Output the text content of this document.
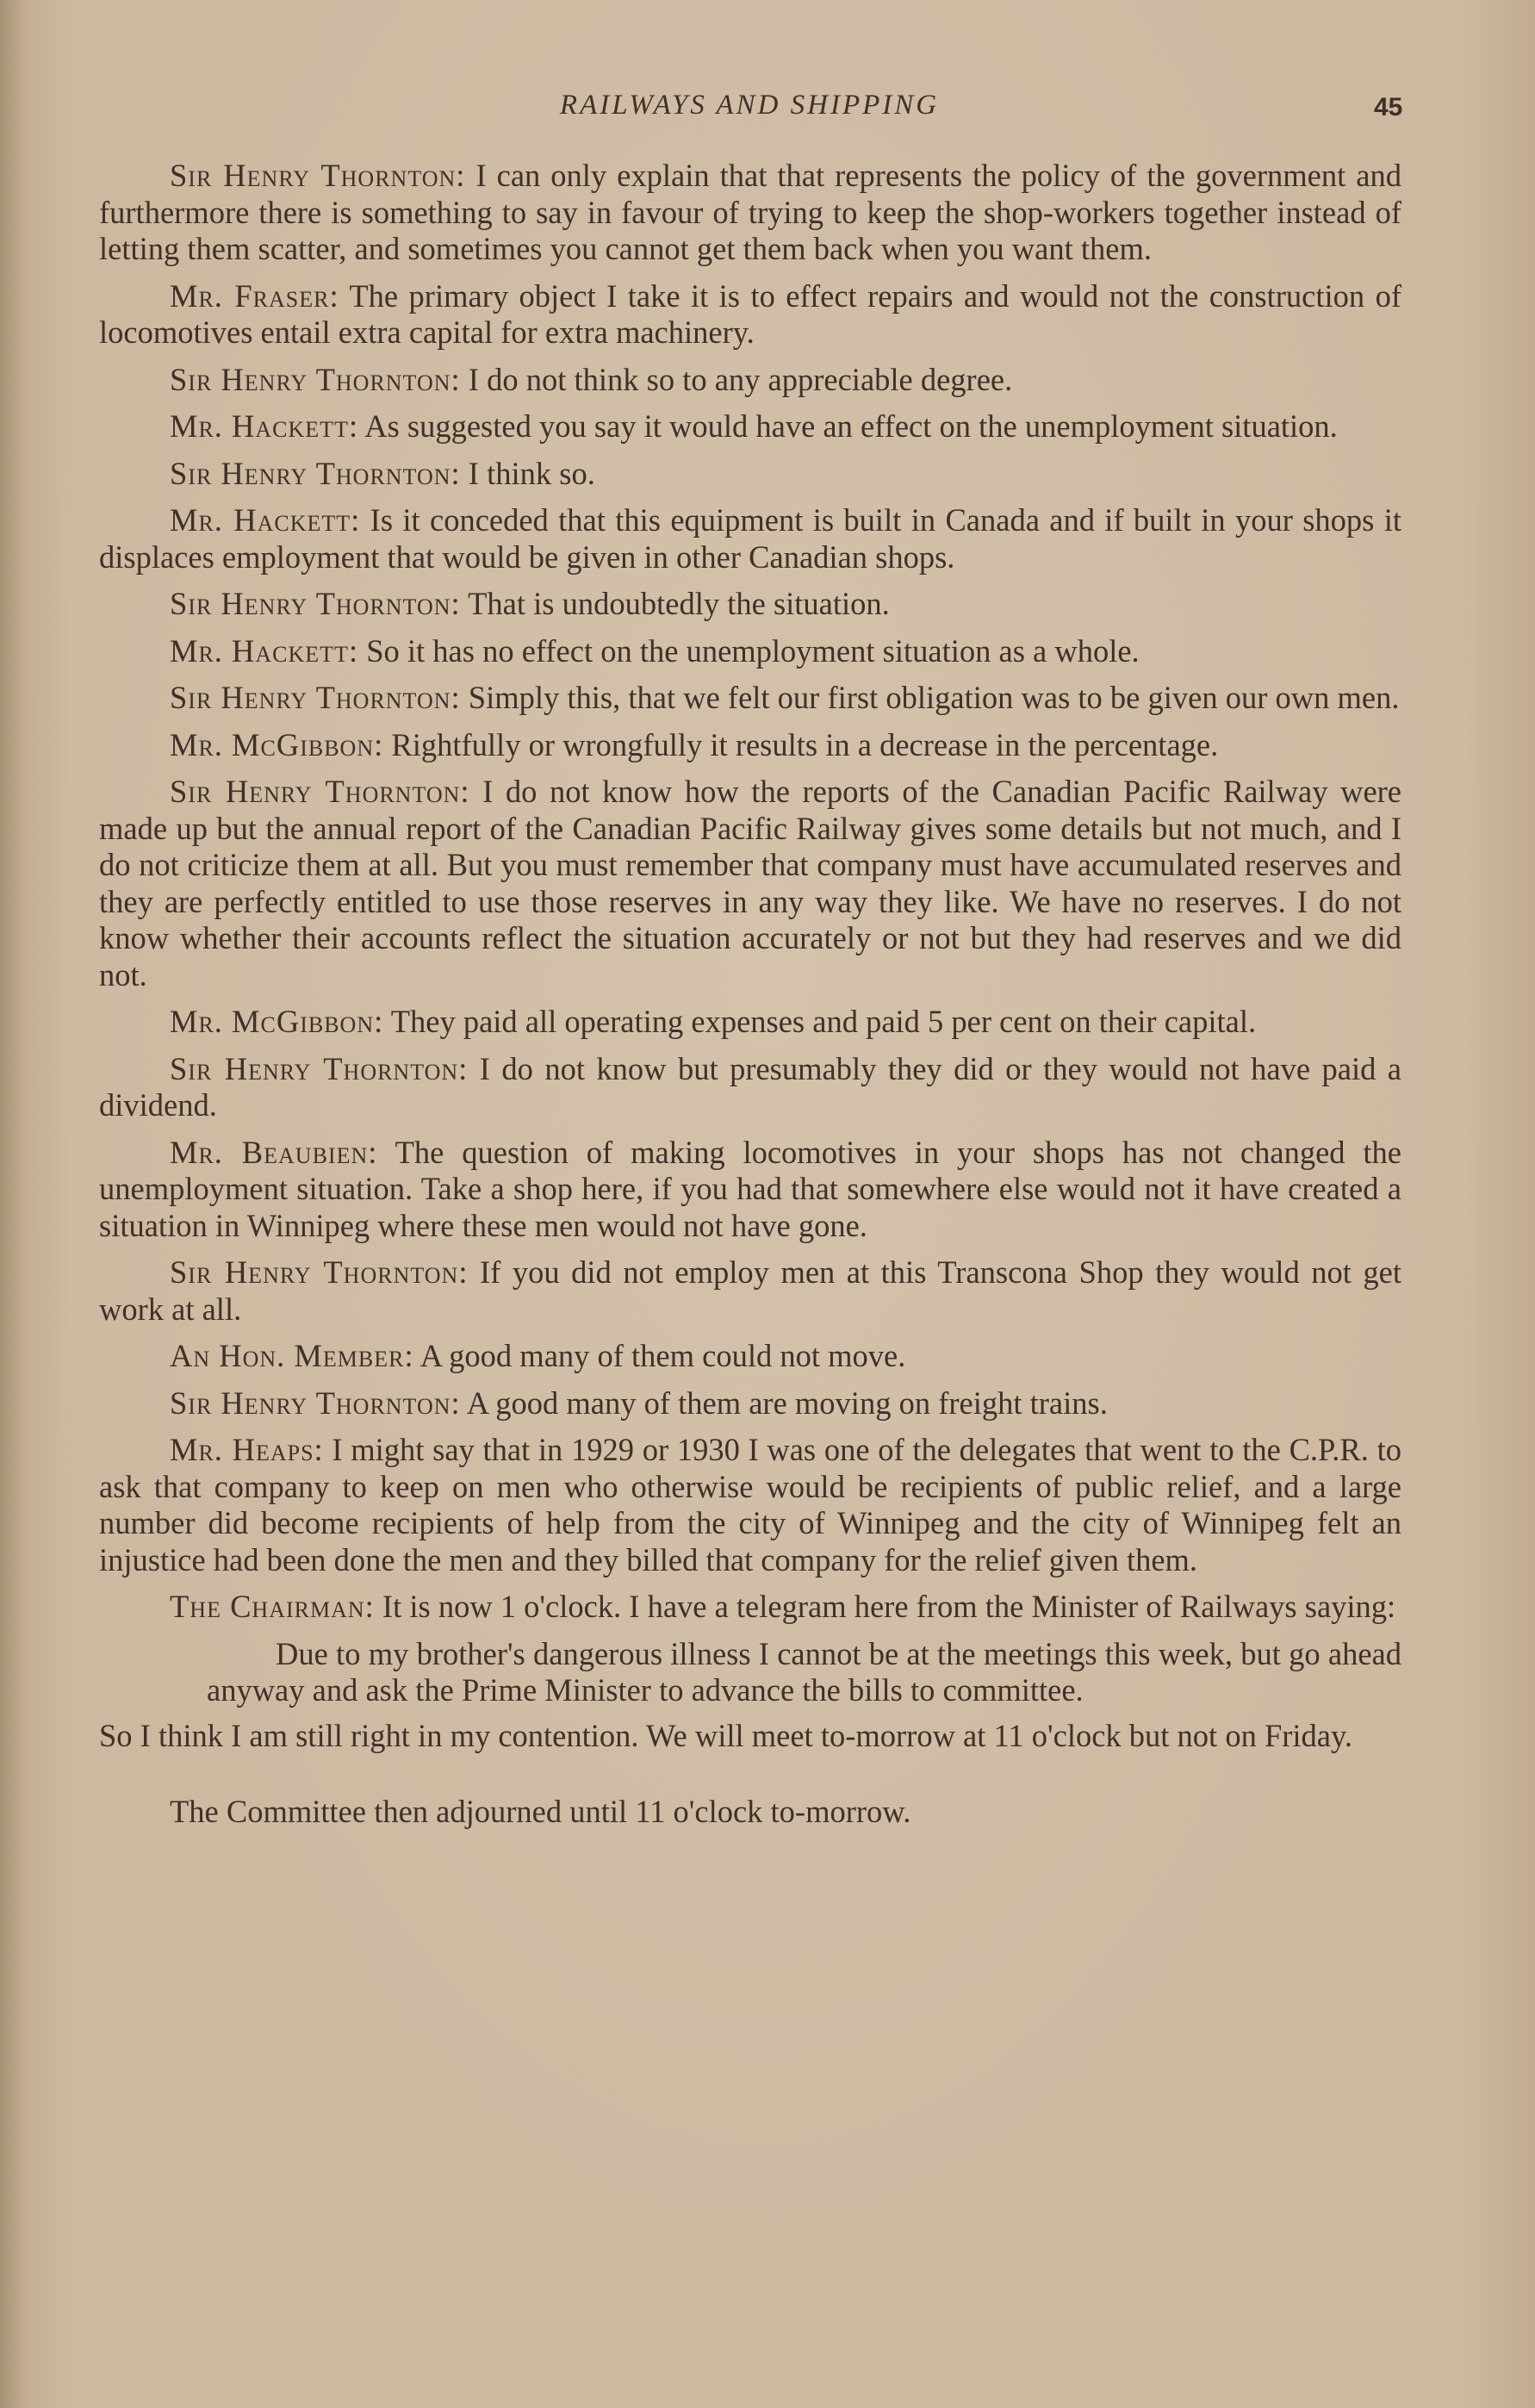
RAILWAYS AND SHIPPING	45

Sir Henry Thornton: I can only explain that that represents the policy of the government and furthermore there is something to say in favour of trying to keep the shop-workers together instead of letting them scatter, and sometimes you cannot get them back when you want them.

Mr. Fraser: The primary object I take it is to effect repairs and would not the construction of locomotives entail extra capital for extra machinery.

Sir Henry Thornton: I do not think so to any appreciable degree.

Mr. Hackett: As suggested you say it would have an effect on the unemployment situation.

Sir Henry Thornton: I think so.

Mr. Hackett: Is it conceded that this equipment is built in Canada and if built in your shops it displaces employment that would be given in other Canadian shops.

Sir Henry Thornton: That is undoubtedly the situation.

Mr. Hackett: So it has no effect on the unemployment situation as a whole.

Sir Henry Thornton: Simply this, that we felt our first obligation was to be given our own men.

Mr. McGibbon: Rightfully or wrongfully it results in a decrease in the percentage.

Sir Henry Thornton: I do not know how the reports of the Canadian Pacific Railway were made up but the annual report of the Canadian Pacific Railway gives some details but not much, and I do not criticize them at all. But you must remember that company must have accumulated reserves and they are perfectly entitled to use those reserves in any way they like. We have no reserves. I do not know whether their accounts reflect the situation accurately or not but they had reserves and we did not.

Mr. McGibbon: They paid all operating expenses and paid 5 per cent on their capital.

Sir Henry Thornton: I do not know but presumably they did or they would not have paid a dividend.

Mr. Beaubien: The question of making locomotives in your shops has not changed the unemployment situation. Take a shop here, if you had that somewhere else would not it have created a situation in Winnipeg where these men would not have gone.

Sir Henry Thornton: If you did not employ men at this Transcona Shop they would not get work at all.

An Hon. Member: A good many of them could not move.

Sir Henry Thornton: A good many of them are moving on freight trains.

Mr. Heaps: I might say that in 1929 or 1930 I was one of the delegates that went to the C.P.R. to ask that company to keep on men who otherwise would be recipients of public relief, and a large number did become recipients of help from the city of Winnipeg and the city of Winnipeg felt an injustice had been done the men and they billed that company for the relief given them.

The Chairman: It is now 1 o'clock. I have a telegram here from the Minister of Railways saying:

Due to my brother's dangerous illness I cannot be at the meetings this week, but go ahead anyway and ask the Prime Minister to advance the bills to committee.

So I think I am still right in my contention. We will meet to-morrow at 11 o'clock but not on Friday.

The Committee then adjourned until 11 o'clock to-morrow.
